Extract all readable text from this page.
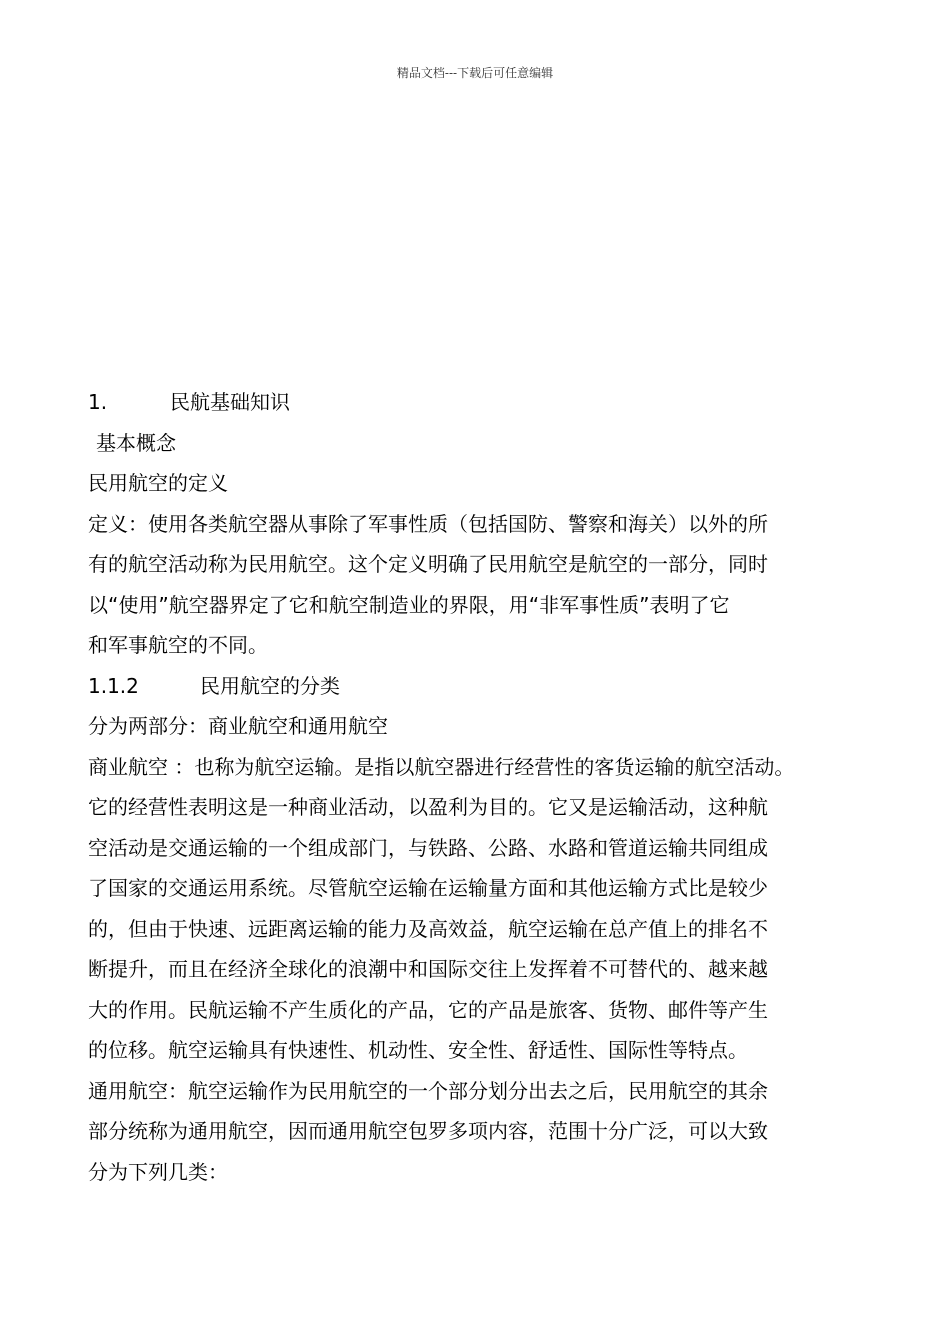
精品文档---下载后可任意编辑
1.	民航基础知识
基本概念
民用航空的定义
定义：使用各类航空器从事除了军事性质（包括国防、警察和海关）以外的所
有的航空活动称为民用航空。这个定义明确了民用航空是航空的一部分，同时
以“使用”航空器界定了它和航空制造业的界限，用“非军事性质”表明了它
和军事航空的不同。
1.1.2	民用航空的分类
分为两部分：商业航空和通用航空
商业航空 ：也称为航空运输。是指以航空器进行经营性的客货运输的航空活动。
它的经营性表明这是一种商业活动，以盈利为目的。它又是运输活动，这种航
空活动是交通运输的一个组成部门，与铁路、公路、水路和管道运输共同组成
了国家的交通运用系统。尽管航空运输在运输量方面和其他运输方式比是较少
的，但由于快速、远距离运输的能力及高效益，航空运输在总产值上的排名不
断提升，而且在经济全球化的浪潮中和国际交往上发挥着不可替代的、越来越
大的作用。民航运输不产生质化的产品，它的产品是旅客、货物、邮件等产生
的位移。航空运输具有快速性、机动性、安全性、舒适性、国际性等特点。
通用航空：航空运输作为民用航空的一个部分划分出去之后，民用航空的其余
部分统称为通用航空，因而通用航空包罗多项内容，范围十分广泛，可以大致
分为下列几类：
